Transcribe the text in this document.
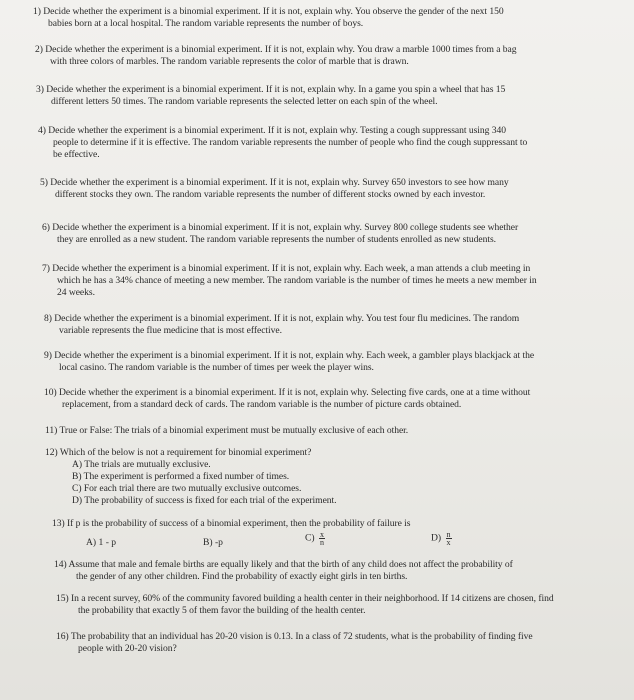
1) Decide whether the experiment is a binomial experiment. If it is not, explain why. You observe the gender of the next 150
babies born at a local hospital. The random variable represents the number of boys.
2) Decide whether the experiment is a binomial experiment. If it is not, explain why. You draw a marble 1000 times from a bag
with three colors of marbles. The random variable represents the color of marble that is drawn.
3) Decide whether the experiment is a binomial experiment. If it is not, explain why. In a game you spin a wheel that has 15
different letters 50 times. The random variable represents the selected letter on each spin of the wheel.
4) Decide whether the experiment is a binomial experiment. If it is not, explain why. Testing a cough suppressant using 340
people to determine if it is effective. The random variable represents the number of people who find the cough suppressant to
be effective.
5) Decide whether the experiment is a binomial experiment. If it is not, explain why. Survey 650 investors to see how many
different stocks they own. The random variable represents the number of different stocks owned by each investor.
6) Decide whether the experiment is a binomial experiment. If it is not, explain why. Survey 800 college students see whether
they are enrolled as a new student. The random variable represents the number of students enrolled as new students.
7) Decide whether the experiment is a binomial experiment. If it is not, explain why. Each week, a man attends a club meeting in
which he has a 34% chance of meeting a new member. The random variable is the number of times he meets a new member in
24 weeks.
8) Decide whether the experiment is a binomial experiment. If it is not, explain why. You test four flu medicines. The random
variable represents the flue medicine that is most effective.
9) Decide whether the experiment is a binomial experiment. If it is not, explain why. Each week, a gambler plays blackjack at the
local casino. The random variable is the number of times per week the player wins.
10) Decide whether the experiment is a binomial experiment. If it is not, explain why. Selecting five cards, one at a time without
replacement, from a standard deck of cards. The random variable is the number of picture cards obtained.
11) True or False: The trials of a binomial experiment must be mutually exclusive of each other.
12) Which of the below is not a requirement for binomial experiment?
A) The trials are mutually exclusive.
B) The experiment is performed a fixed number of times.
C) For each trial there are two mutually exclusive outcomes.
D) The probability of success is fixed for each trial of the experiment.
13) If p is the probability of success of a binomial experiment, then the probability of failure is
A) 1 - p	B) -p	$C) \frac{x}{n}$	$D) \frac{n}{x}$
14) Assume that male and female births are equally likely and that the birth of any child does not affect the probability of
the gender of any other children. Find the probability of exactly eight girls in ten births.
15) In a recent survey, 60% of the community favored building a health center in their neighborhood. If 14 citizens are chosen, find
the probability that exactly 5 of them favor the building of the health center.
16) The probability that an individual has 20-20 vision is 0.13. In a class of 72 students, what is the probability of finding five
people with 20-20 vision?
